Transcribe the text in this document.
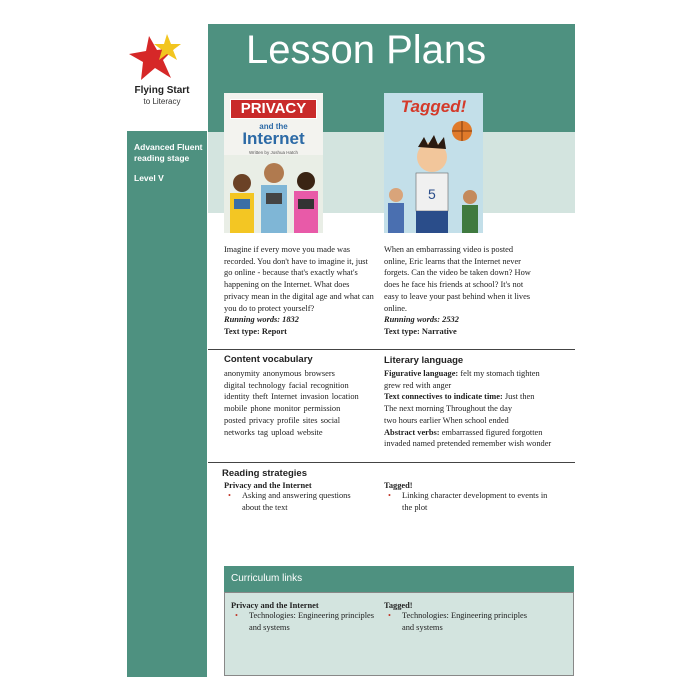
Flying Start
to Literacy
Advanced Fluent reading stage
Level V
Lesson Plans
PRIVACY
and the
Internet
Written by Joshua Hatch
Tagged!
5
Imagine if every move you made was recorded. You don't have to imagine it, just go online - because that's exactly what's happening on the Internet. What does privacy mean in the digital age and what can you do to protect yourself?
Running words: 1832
Text type: Report
When an embarrassing video is posted online, Eric learns that the Internet never forgets. Can the video be taken down? How does he face his friends at school? It's not easy to leave your past behind when it lives online.
Running words: 2532
Text type: Narrative
Content vocabulary
anonymity anonymous browsers
digital technology facial recognition
identity theft Internet invasion location
mobile phone monitor permission
posted privacy profile sites social
networks tag upload website
Literary language
Figurative language: felt my stomach tighten
grew red with anger
Text connectives to indicate time: Just then
The next morning Throughout the day
two hours earlier When school ended
Abstract verbs: embarrassed figured forgotten
invaded named pretended remember wish wonder
Reading strategies
Privacy and the Internet
• Asking and answering questions
about the text
Tagged!
• Linking character development to events in
the plot
Curriculum links
Privacy and the Internet
• Technologies: Engineering principles
and systems
Tagged!
• Technologies: Engineering principles
and systems
